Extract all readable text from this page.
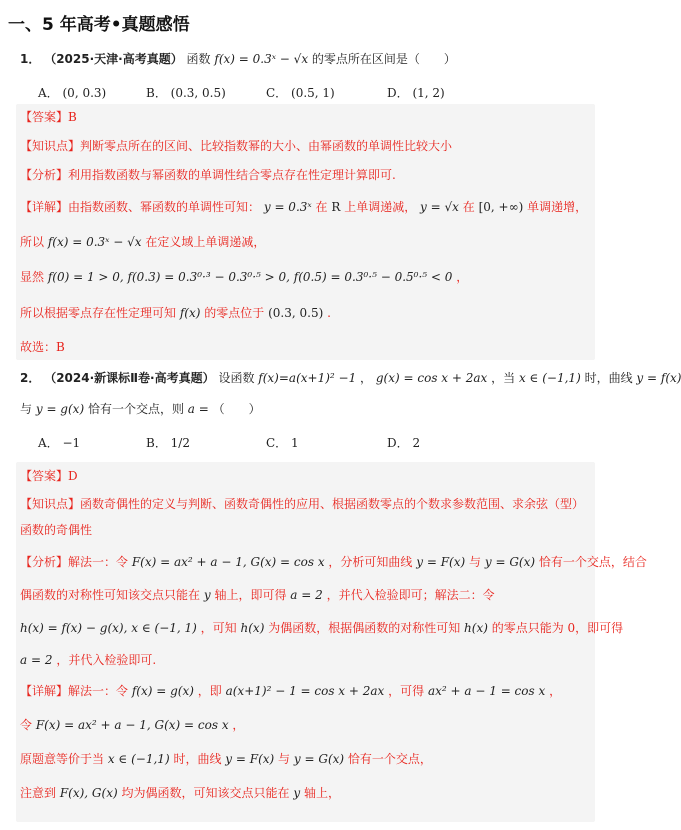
一、5 年高考•真题感悟
1． （2025·天津·高考真题） 函数 f(x) = 0.3ˣ − √x 的零点所在区间是（　　）
A． (0, 0.3)	B． (0.3, 0.5)	C． (0.5, 1)	D． (1, 2)
【答案】B
【知识点】判断零点所在的区间、比较指数幂的大小、由幂函数的单调性比较大小
【分析】利用指数函数与幂函数的单调性结合零点存在性定理计算即可.
【详解】由指数函数、幂函数的单调性可知： y = 0.3ˣ 在 R 上单调递减， y = √x 在 [0, +∞) 单调递增，
所以 f(x) = 0.3ˣ − √x 在定义域上单调递减，
显然 f(0) = 1 > 0, f(0.3) = 0.3⁰·³ − 0.3⁰·⁵ > 0, f(0.5) = 0.3⁰·⁵ − 0.5⁰·⁵ < 0 ，
所以根据零点存在性定理可知 f(x) 的零点位于 (0.3, 0.5) .
故选：B
2． （2024·新课标Ⅱ卷·高考真题） 设函数 f(x)=a(x+1)² −1 ， g(x) = cos x + 2ax ，当 x ∈ (−1,1) 时，曲线 y = f(x)
与 y = g(x) 恰有一个交点，则 a = （　　）
A． −1	B． 1/2	C． 1	D． 2
【答案】D
【知识点】函数奇偶性的定义与判断、函数奇偶性的应用、根据函数零点的个数求参数范围、求余弦（型）
函数的奇偶性
【分析】解法一：令 F(x) = ax² + a − 1, G(x) = cos x ，分析可知曲线 y = F(x) 与 y = G(x) 恰有一个交点，结合
偶函数的对称性可知该交点只能在 y 轴上，即可得 a = 2 ，并代入检验即可；解法二：令
h(x) = f(x) − g(x), x ∈ (−1, 1) ，可知 h(x) 为偶函数，根据偶函数的对称性可知 h(x) 的零点只能为 0，即可得
a = 2 ，并代入检验即可.
【详解】解法一：令 f(x) = g(x) ，即 a(x+1)² − 1 = cos x + 2ax ，可得 ax² + a − 1 = cos x ，
令 F(x) = ax² + a − 1, G(x) = cos x ，
原题意等价于当 x ∈ (−1,1) 时，曲线 y = F(x) 与 y = G(x) 恰有一个交点，
注意到 F(x), G(x) 均为偶函数，可知该交点只能在 y 轴上，
